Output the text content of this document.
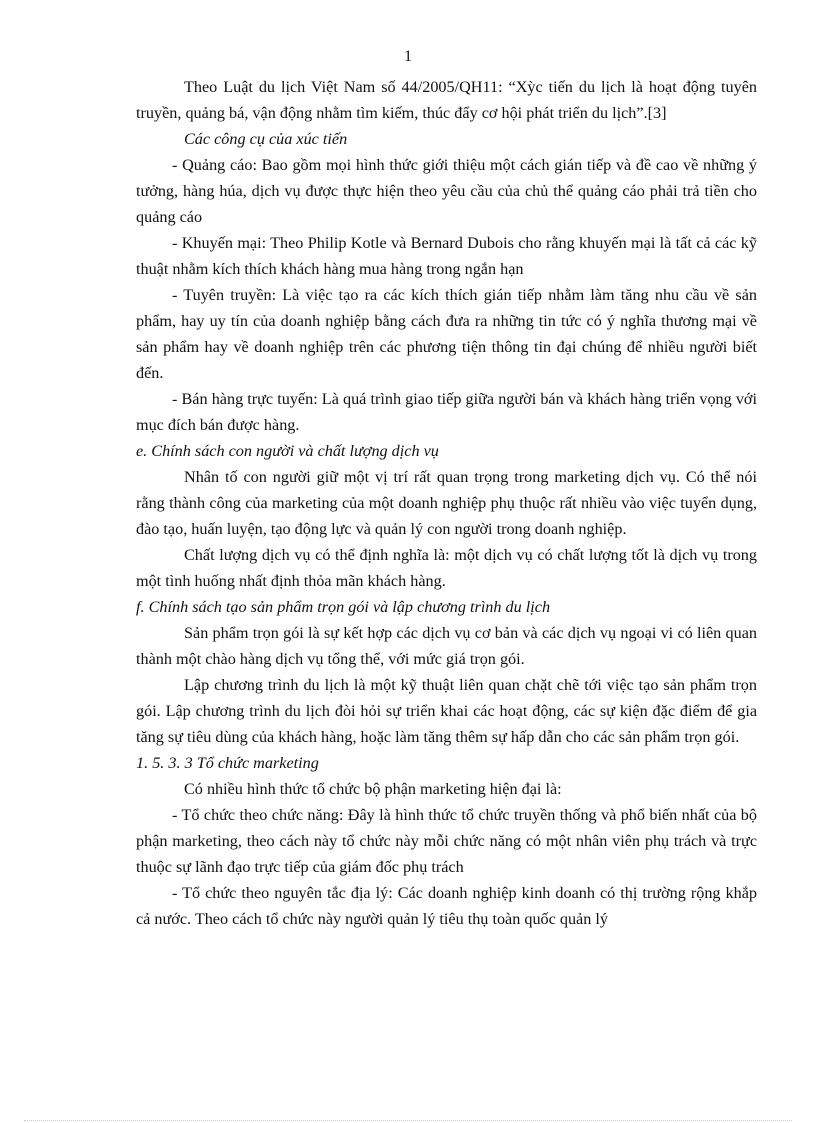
1

Theo Luật du lịch Việt Nam số 44/2005/QH11: “Xỳc tiến du lịch là hoạt động tuyên truyền, quảng bá, vận động nhằm tìm kiếm, thúc đẩy cơ hội phát triển du lịch”.[3]

Các công cụ của xúc tiến

- Quảng cáo: Bao gồm mọi hình thức giới thiệu một cách gián tiếp và đề cao về những ý tưởng, hàng húa, dịch vụ được thực hiện theo yêu cầu của chủ thể quảng cáo phải trả tiền cho quảng cáo

- Khuyến mại: Theo Philip Kotle và Bernard Dubois cho rằng khuyến mại là tất cả các kỹ thuật nhằm kích thích khách hàng mua hàng trong ngắn hạn

- Tuyên truyền: Là việc tạo ra các kích thích gián tiếp nhằm làm tăng nhu cầu về sản phẩm, hay uy tín của doanh nghiệp bằng cách đưa ra những tin tức có ý nghĩa thương mại về sản phẩm hay về doanh nghiệp trên các phương tiện thông tin đại chúng để nhiều người biết đến.

- Bán hàng trực tuyến: Là quá trình giao tiếp giữa người bán và khách hàng triển vọng với mục đích bán được hàng.

e. Chính sách con người và chất lượng dịch vụ

Nhân tố con người giữ một vị trí rất quan trọng trong marketing dịch vụ. Có thể nói rằng thành công của marketing của một doanh nghiệp phụ thuộc rất nhiều vào việc tuyển dụng, đào tạo, huấn luyện, tạo động lực và quản lý con người trong doanh nghiệp.

Chất lượng dịch vụ có thể định nghĩa là: một dịch vụ có chất lượng tốt là dịch vụ trong một tình huống nhất định thỏa mãn khách hàng.

f. Chính sách tạo sản phẩm trọn gói và lập chương trình du lịch

Sản phẩm trọn gói là sự kết hợp các dịch vụ cơ bản và các dịch vụ ngoại vi có liên quan thành một chào hàng dịch vụ tổng thể, với mức giá trọn gói.

Lập chương trình du lịch là một kỹ thuật liên quan chặt chẽ tới việc tạo sản phẩm trọn gói. Lập chương trình du lịch đòi hỏi sự triển khai các hoạt động, các sự kiện đặc điểm để gia tăng sự tiêu dùng của khách hàng, hoặc làm tăng thêm sự hấp dẫn cho các sản phẩm trọn gói.

1. 5. 3. 3 Tổ chức marketing

Có nhiều hình thức tổ chức bộ phận marketing hiện đại là:

- Tổ chức theo chức năng: Đây là hình thức tổ chức truyền thống và phổ biến nhất của bộ phận marketing, theo cách này tổ chức này mỗi chức năng có một nhân viên phụ trách và trực thuộc sự lãnh đạo trực tiếp của giám đốc phụ trách

- Tổ chức theo nguyên tắc địa lý: Các doanh nghiệp kinh doanh có thị trường rộng khắp cả nước. Theo cách tổ chức này người quản lý tiêu thụ toàn quốc quản lý
